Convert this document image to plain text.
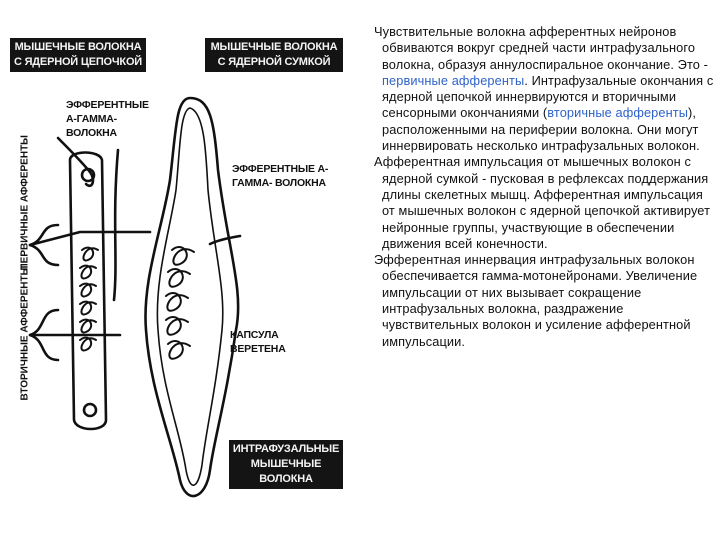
МЫШЕЧНЫЕ ВОЛОКНА С ЯДЕРНОЙ ЦЕПОЧКОЙ
МЫШЕЧНЫЕ ВОЛОКНА С ЯДЕРНОЙ СУМКОЙ
ЭФФЕРЕНТНЫЕ А-ГАММА- ВОЛОКНА
ЭФФЕРЕНТНЫЕ А-ГАММА- ВОЛОКНА
ПЕРВИЧНЫЕ АФФЕРЕНТЫ
ВТОРИЧНЫЕ АФФЕРЕНТЫ	КАПСУЛА ВЕРЕТЕНА
ИНТРАФУЗАЛЬНЫЕ МЫШЕЧНЫЕ ВОЛОКНА

Чувствительные волокна афферентных нейронов обвиваются вокруг средней части интрафузального волокна, образуя аннулоспиральное окончание. Это - первичные афференты. Интрафузальные окончания с ядерной цепочкой иннервируются и вторичными сенсорными окончаниями (вторичные афференты), расположенными на периферии волокна. Они могут иннервировать несколько интрафузальных волокон.

Афферентная импульсация от мышечных волокон с ядерной сумкой - пусковая в рефлексах поддержания длины скелетных мышц. Афферентная импульсация от мышечных волокон с ядерной цепочкой активирует нейронные группы, участвующие в обеспечении движения всей конечности.

Эфферентная иннервация интрафузальных волокон обеспечивается гамма-мотонейронами. Увеличение импульсации от них вызывает сокращение интрафузальных волокна, раздражение чувствительных волокон и усиление афферентной импульсации.
